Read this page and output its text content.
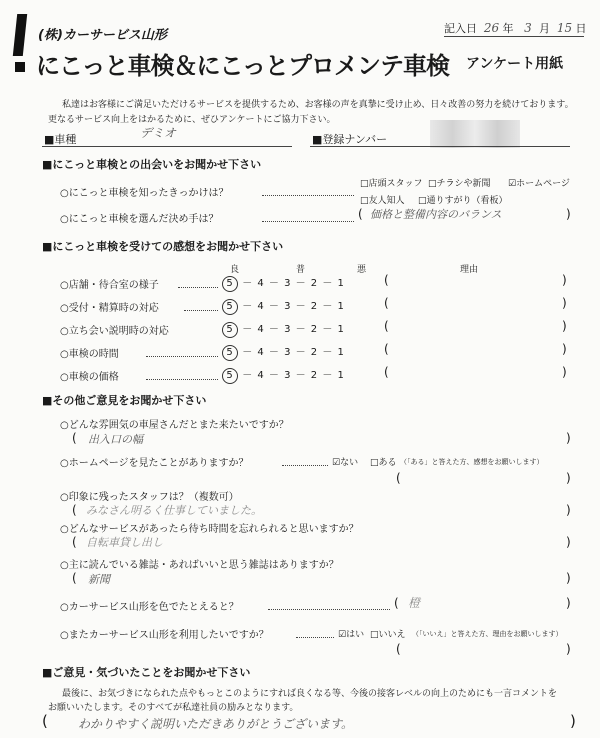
(株)カーサービス山形
にこっと車検＆にこっとプロメンテ車検 アンケート用紙
記入日 26 年 3 月 15 日
私達はお客様にご満足いただけるサービスを提供するため、お客様の声を真摯に受け止め、日々改善の努力を続けております。
更なるサービス向上をはかるために、ぜひアンケートにご協力下さい。
■車種	デミオ	■登録ナンバー
■にこっと車検との出会いをお聞かせ下さい
○にこっと車検を知ったきっかけは？
□店頭スタッフ □チラシや新聞 ☑ホームページ
□友人知人 □通りすがり（看板）
○にこっと車検を選んだ決め手は？	( 価格と整備内容のバランス	)
■にこっと車検を受けての感想をお聞かせ下さい
良	普	悪	理由
○店舗・待合室の様子	5 － 4 － 3 － 2 － 1	(	)
○受付・精算時の対応	5 － 4 － 3 － 2 － 1	(	)
○立ち会い説明時の対応	5 － 4 － 3 － 2 － 1	(	)
○車検の時間	5 － 4 － 3 － 2 － 1	(	)
○車検の価格	5 － 4 － 3 － 2 － 1	(	)
■その他ご意見をお聞かせ下さい
○どんな雰囲気の車屋さんだとまた来たいですか？
( 出入口の幅	)
○ホームページを見たことがありますか？	☑ない □ある （「ある」と答えた方、感想をお願いします）
(	)
○印象に残ったスタッフは？（複数可）
( みなさん明るく仕事していました。	)
○どんなサービスがあったら待ち時間を忘れられると思いますか？
( 自転車貸し出し	)
○主に読んでいる雑誌・あればいいと思う雑誌はありますか？
( 新聞	)
○カーサービス山形を色でたとえると？	( 橙	)
○またカーサービス山形を利用したいですか？	☑はい □いいえ （「いいえ」と答えた方、理由をお願いします）
(	)
■ご意見・気づいたことをお聞かせ下さい
最後に、お気づきになられた点やもっとこのようにすれば良くなる等、今後の接客レベルの向上のためにも一言コメントを
お願いいたします。そのすべてが私達社員の励みとなります。
(	わかりやすく説明いただきありがとうございます。	)
